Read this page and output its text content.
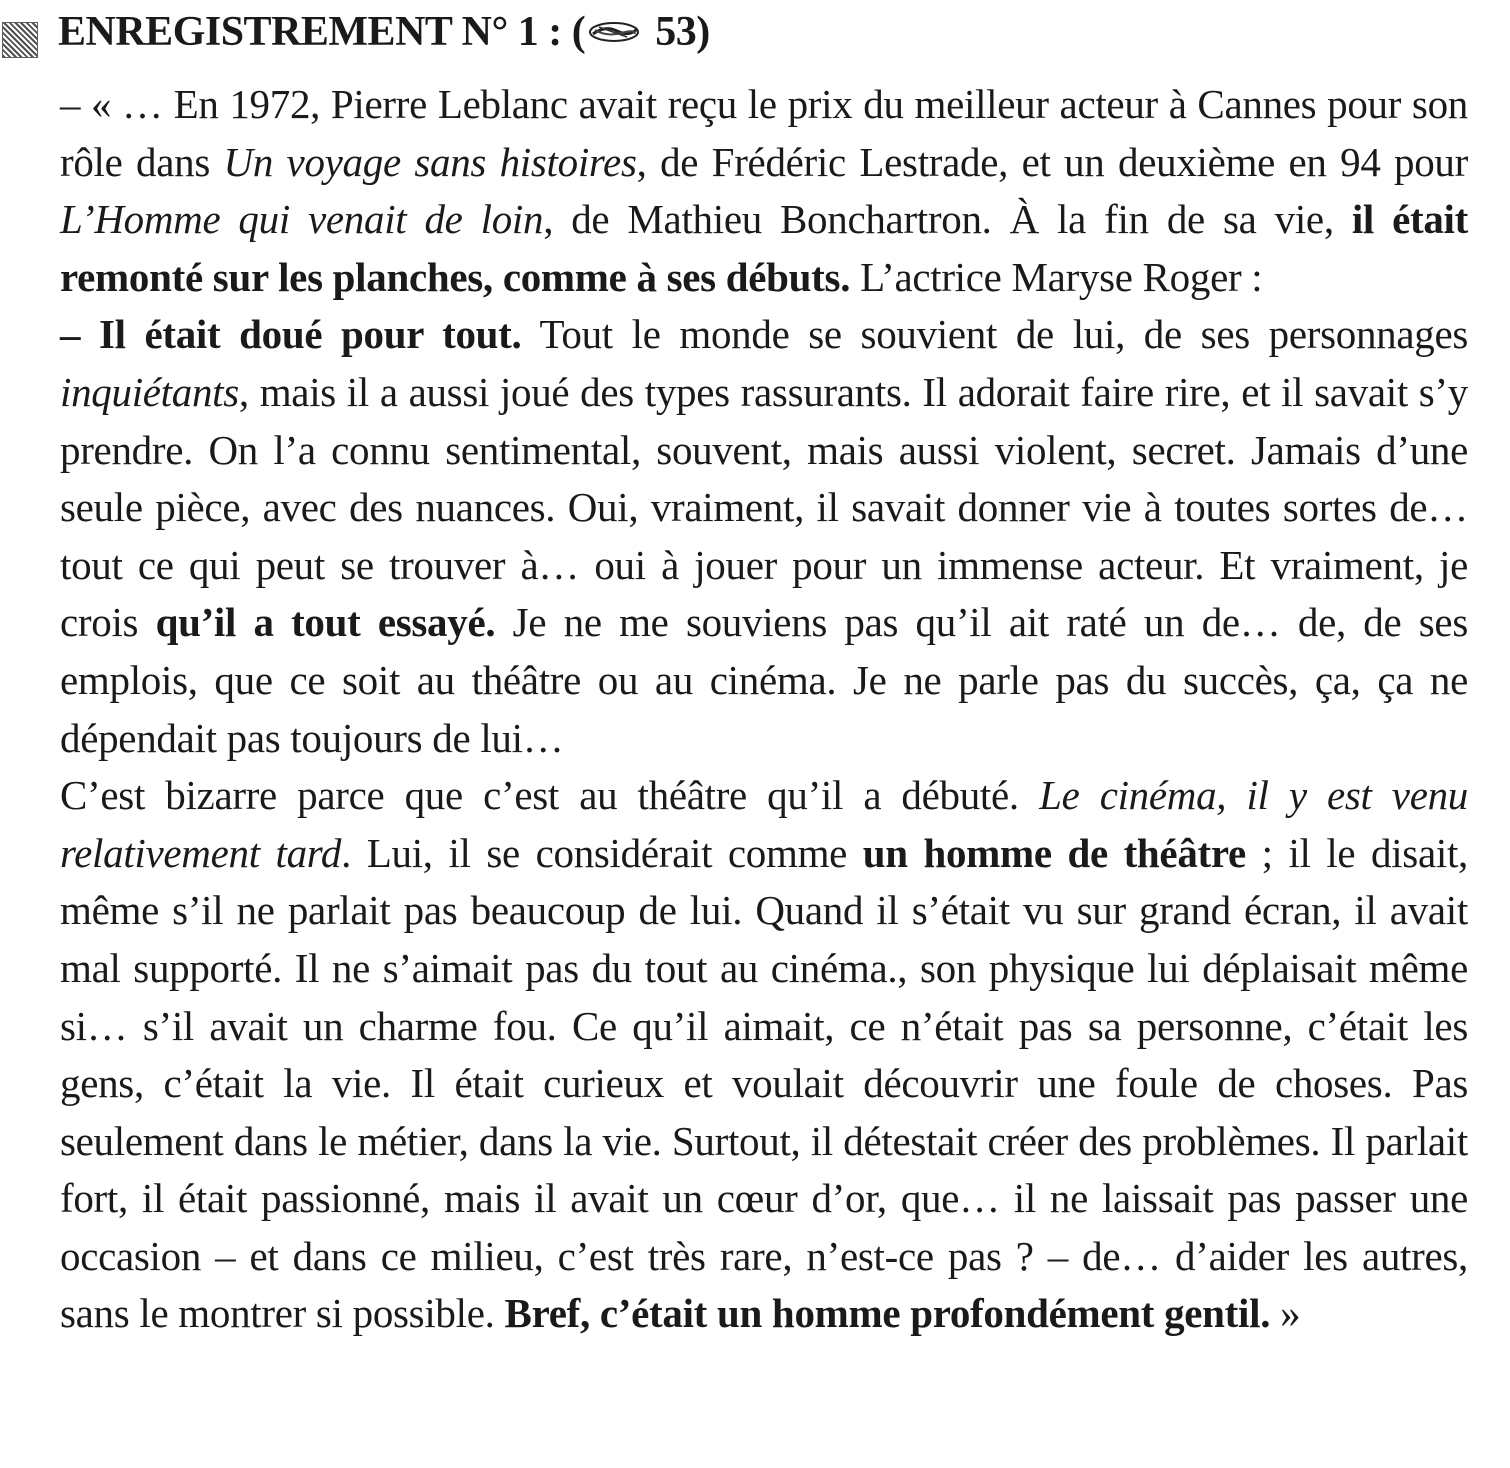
ENREGISTREMENT N° 1 : ( 53)

– « … En 1972, Pierre Leblanc avait reçu le prix du meilleur acteur à Cannes pour son rôle dans Un voyage sans histoires, de Frédéric Lestrade, et un deuxième en 94 pour L’Homme qui venait de loin, de Mathieu Bonchartron. À la fin de sa vie, il était remonté sur les planches, comme à ses débuts. L’actrice Maryse Roger :

– Il était doué pour tout. Tout le monde se souvient de lui, de ses personnages inquiétants, mais il a aussi joué des types rassurants. Il adorait faire rire, et il savait s’y prendre. On l’a connu sentimental, souvent, mais aussi violent, secret. Jamais d’une seule pièce, avec des nuances. Oui, vraiment, il savait donner vie à toutes sortes de… tout ce qui peut se trouver à… oui à jouer pour un immense acteur. Et vraiment, je crois qu’il a tout essayé. Je ne me souviens pas qu’il ait raté un de… de, de ses emplois, que ce soit au théâtre ou au cinéma. Je ne parle pas du succès, ça, ça ne dépendait pas toujours de lui…

C’est bizarre parce que c’est au théâtre qu’il a débuté. Le cinéma, il y est venu relativement tard. Lui, il se considérait comme un homme de théâtre ; il le disait, même s’il ne parlait pas beaucoup de lui. Quand il s’était vu sur grand écran, il avait mal supporté. Il ne s’aimait pas du tout au cinéma., son physique lui déplaisait même si… s’il avait un charme fou. Ce qu’il aimait, ce n’était pas sa personne, c’était les gens, c’était la vie. Il était curieux et voulait découvrir une foule de choses. Pas seulement dans le métier, dans la vie. Surtout, il détestait créer des problèmes. Il parlait fort, il était passionné, mais il avait un cœur d’or, que… il ne laissait pas passer une occasion – et dans ce milieu, c’est très rare, n’est-ce pas ? – de… d’aider les autres, sans le montrer si possible. Bref, c’était un homme profondément gentil. »
